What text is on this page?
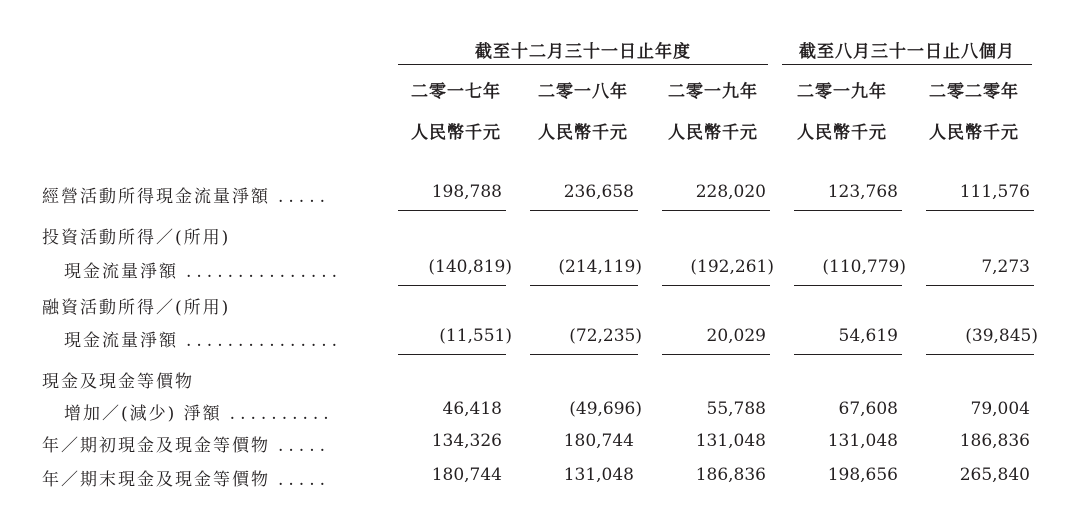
截至十二月三十一日止年度	截至八月三十一日止八個月
二零一七年	二零一八年	二零一九年	二零一九年	二零二零年
人民幣千元	人民幣千元	人民幣千元	人民幣千元	人民幣千元
經營活動所得現金流量淨額 .....	198,788	236,658	228,020	123,768	111,576
投資活動所得／(所用)
現金流量淨額 ...............	(140,819)	(214,119)	(192,261)	(110,779)	7,273
融資活動所得／(所用)
現金流量淨額 ...............	(11,551)	(72,235)	20,029	54,619	(39,845)
現金及現金等價物
增加／(減少) 淨額 ..........	46,418	(49,696)	55,788	67,608	79,004
年／期初現金及現金等價物 .....	134,326	180,744	131,048	131,048	186,836
年／期末現金及現金等價物 .....	180,744	131,048	186,836	198,656	265,840
